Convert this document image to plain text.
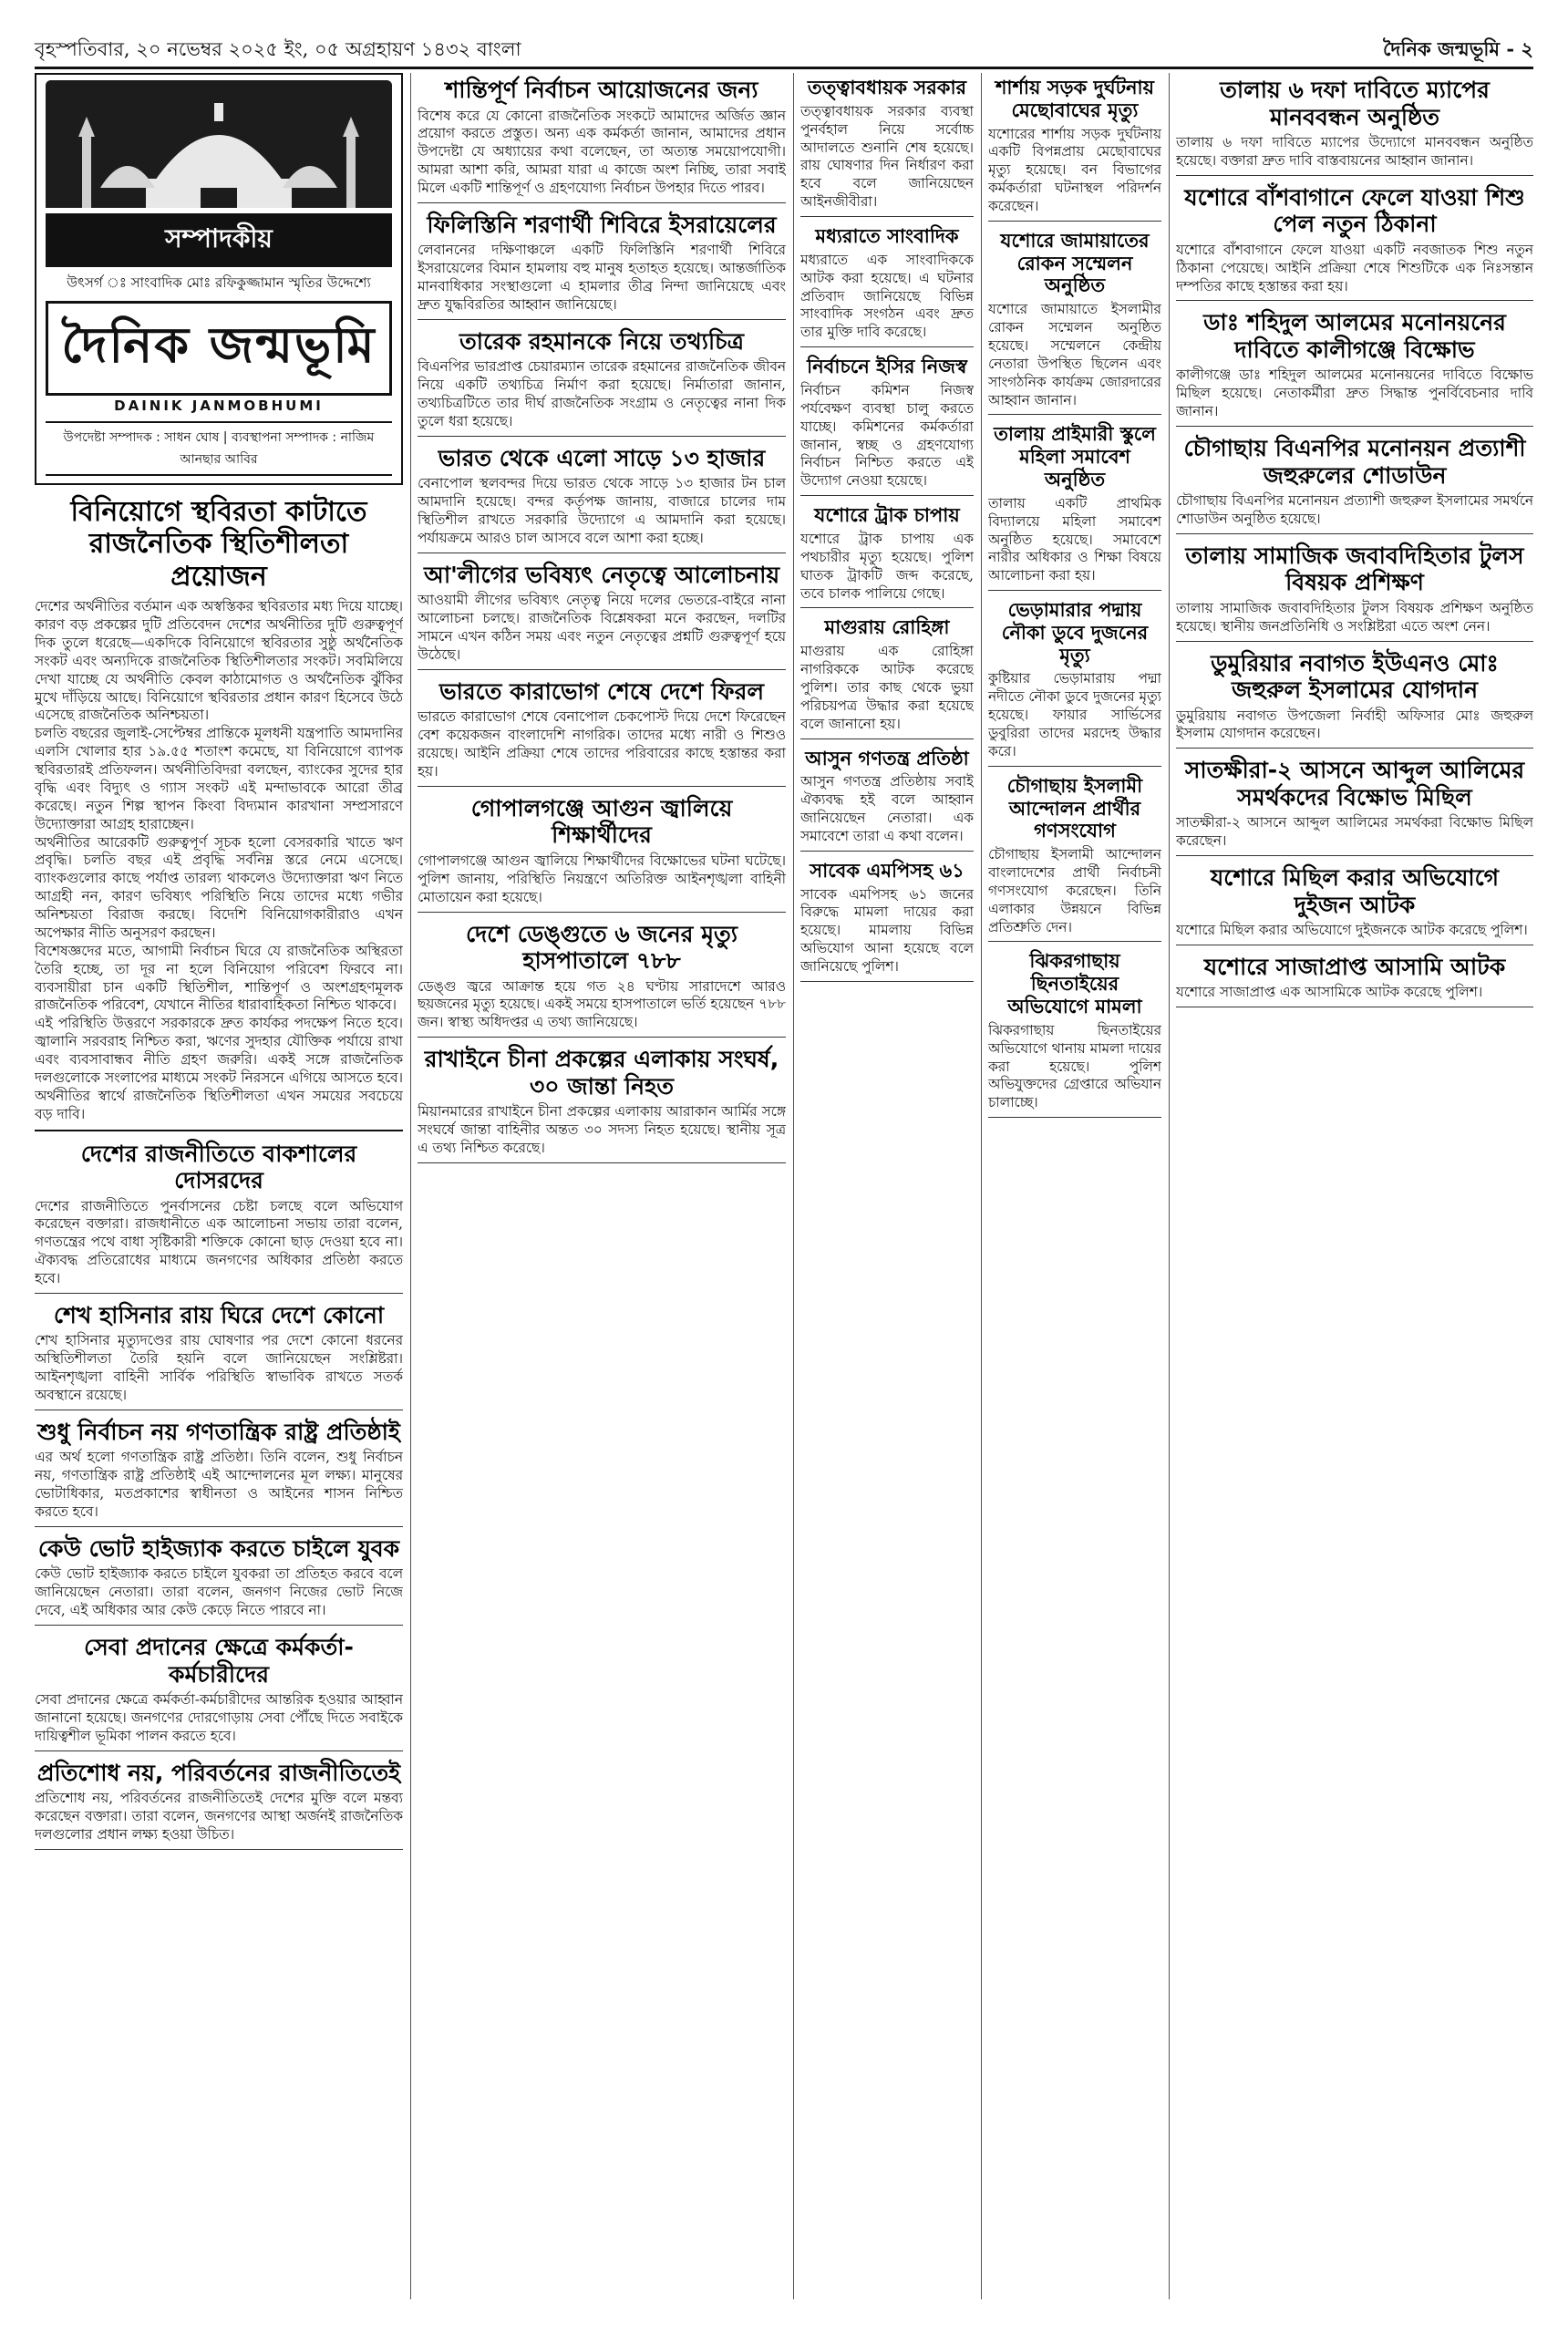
বৃহস্পতিবার, ২০ নভেম্বর ২০২৫ ইং, ০৫ অগ্রহায়ণ ১৪৩২ বাংলা	দৈনিক জন্মভূমি - ২
সম্পাদকীয়
উৎসর্গ ঃ সাংবাদিক মোঃ রফিকুজ্জামান স্মৃতির উদ্দেশ্যে
দৈনিক জন্মভূমি
DAINIK JANMOBHUMI
উপদেষ্টা সম্পাদক : সাধন ঘোষ | ব্যবস্থাপনা সম্পাদক : নাজিম আনছার আবির
বিনিয়োগে স্থবিরতা কাটাতে রাজনৈতিক স্থিতিশীলতা প্রয়োজন
দেশের অর্থনীতির বর্তমান এক অস্বস্তিকর স্থবিরতার মধ্য দিয়ে যাচ্ছে। কারণ বড় প্রকল্পের দুটি প্রতিবেদন দেশের অর্থনীতির দুটি গুরুত্বপূর্ণ দিক তুলে ধরেছে—একদিকে বিনিয়োগে স্থবিরতার সুষ্ঠু অর্থনৈতিক সংকট এবং অন্যদিকে রাজনৈতিক স্থিতিশীলতার সংকট। সবমিলিয়ে দেখা যাচ্ছে যে অর্থনীতি কেবল কাঠামোগত ও অর্থনৈতিক ঝুঁকির মুখে দাঁড়িয়ে আছে। বিনিয়োগে স্থবিরতার প্রধান কারণ হিসেবে উঠে এসেছে রাজনৈতিক অনিশ্চয়তা।
চলতি বছরের জুলাই-সেপ্টেম্বর প্রান্তিকে মূলধনী যন্ত্রপাতি আমদানির এলসি খোলার হার ১৯.৫৫ শতাংশ কমেছে, যা বিনিয়োগে ব্যাপক স্থবিরতারই প্রতিফলন। অর্থনীতিবিদরা বলছেন, ব্যাংকের সুদের হার বৃদ্ধি এবং বিদ্যুৎ ও গ্যাস সংকট এই মন্দাভাবকে আরো তীব্র করেছে। নতুন শিল্প স্থাপন কিংবা বিদ্যমান কারখানা সম্প্রসারণে উদ্যোক্তারা আগ্রহ হারাচ্ছেন।
অর্থনীতির আরেকটি গুরুত্বপূর্ণ সূচক হলো বেসরকারি খাতে ঋণ প্রবৃদ্ধি। চলতি বছর এই প্রবৃদ্ধি সর্বনিম্ন স্তরে নেমে এসেছে। ব্যাংকগুলোর কাছে পর্যাপ্ত তারল্য থাকলেও উদ্যোক্তারা ঋণ নিতে আগ্রহী নন, কারণ ভবিষ্যৎ পরিস্থিতি নিয়ে তাদের মধ্যে গভীর অনিশ্চয়তা বিরাজ করছে। বিদেশি বিনিয়োগকারীরাও এখন অপেক্ষার নীতি অনুসরণ করছেন।
বিশেষজ্ঞদের মতে, আগামী নির্বাচন ঘিরে যে রাজনৈতিক অস্থিরতা তৈরি হচ্ছে, তা দূর না হলে বিনিয়োগ পরিবেশ ফিরবে না। ব্যবসায়ীরা চান একটি স্থিতিশীল, শান্তিপূর্ণ ও অংশগ্রহণমূলক রাজনৈতিক পরিবেশ, যেখানে নীতির ধারাবাহিকতা নিশ্চিত থাকবে।
এই পরিস্থিতি উত্তরণে সরকারকে দ্রুত কার্যকর পদক্ষেপ নিতে হবে। জ্বালানি সরবরাহ নিশ্চিত করা, ঋণের সুদহার যৌক্তিক পর্যায়ে রাখা এবং ব্যবসাবান্ধব নীতি গ্রহণ জরুরি। একই সঙ্গে রাজনৈতিক দলগুলোকে সংলাপের মাধ্যমে সংকট নিরসনে এগিয়ে আসতে হবে। অর্থনীতির স্বার্থে রাজনৈতিক স্থিতিশীলতা এখন সময়ের সবচেয়ে বড় দাবি।
দেশের রাজনীতিতে বাকশালের দোসরদের
দেশের রাজনীতিতে পুনর্বাসনের চেষ্টা চলছে বলে অভিযোগ করেছেন বক্তারা। রাজধানীতে এক আলোচনা সভায় তারা বলেন, গণতন্ত্রের পথে বাধা সৃষ্টিকারী শক্তিকে কোনো ছাড় দেওয়া হবে না। ঐক্যবদ্ধ প্রতিরোধের মাধ্যমে জনগণের অধিকার প্রতিষ্ঠা করতে হবে।
শেখ হাসিনার রায় ঘিরে দেশে কোনো
শেখ হাসিনার মৃত্যুদণ্ডের রায় ঘোষণার পর দেশে কোনো ধরনের অস্থিতিশীলতা তৈরি হয়নি বলে জানিয়েছেন সংশ্লিষ্টরা। আইনশৃঙ্খলা বাহিনী সার্বিক পরিস্থিতি স্বাভাবিক রাখতে সতর্ক অবস্থানে রয়েছে।
শুধু নির্বাচন নয় গণতান্ত্রিক রাষ্ট্র প্রতিষ্ঠাই
এর অর্থ হলো গণতান্ত্রিক রাষ্ট্র প্রতিষ্ঠা। তিনি বলেন, শুধু নির্বাচন নয়, গণতান্ত্রিক রাষ্ট্র প্রতিষ্ঠাই এই আন্দোলনের মূল লক্ষ্য। মানুষের ভোটাধিকার, মতপ্রকাশের স্বাধীনতা ও আইনের শাসন নিশ্চিত করতে হবে।
কেউ ভোট হাইজ্যাক করতে চাইলে যুবক
কেউ ভোট হাইজ্যাক করতে চাইলে যুবকরা তা প্রতিহত করবে বলে জানিয়েছেন নেতারা। তারা বলেন, জনগণ নিজের ভোট নিজে দেবে, এই অধিকার আর কেউ কেড়ে নিতে পারবে না।
সেবা প্রদানের ক্ষেত্রে কর্মকর্তা-কর্মচারীদের
সেবা প্রদানের ক্ষেত্রে কর্মকর্তা-কর্মচারীদের আন্তরিক হওয়ার আহ্বান জানানো হয়েছে। জনগণের দোরগোড়ায় সেবা পৌঁছে দিতে সবাইকে দায়িত্বশীল ভূমিকা পালন করতে হবে।
প্রতিশোধ নয়, পরিবর্তনের রাজনীতিতেই
প্রতিশোধ নয়, পরিবর্তনের রাজনীতিতেই দেশের মুক্তি বলে মন্তব্য করেছেন বক্তারা। তারা বলেন, জনগণের আস্থা অর্জনই রাজনৈতিক দলগুলোর প্রধান লক্ষ্য হওয়া উচিত।
শান্তিপূর্ণ নির্বাচন আয়োজনের জন্য
বিশেষ করে যে কোনো রাজনৈতিক সংকটে আমাদের অর্জিত জ্ঞান প্রয়োগ করতে প্রস্তুত। অন্য এক কর্মকর্তা জানান, আমাদের প্রধান উপদেষ্টা যে অধ্যায়ের কথা বলেছেন, তা অত্যন্ত সময়োপযোগী। আমরা আশা করি, আমরা যারা এ কাজে অংশ নিচ্ছি, তারা সবাই মিলে একটি শান্তিপূর্ণ ও গ্রহণযোগ্য নির্বাচন উপহার দিতে পারব।
ফিলিস্তিনি শরণার্থী শিবিরে ইসরায়েলের
লেবাননের দক্ষিণাঞ্চলে একটি ফিলিস্তিনি শরণার্থী শিবিরে ইসরায়েলের বিমান হামলায় বহু মানুষ হতাহত হয়েছে। আন্তর্জাতিক মানবাধিকার সংস্থাগুলো এ হামলার তীব্র নিন্দা জানিয়েছে এবং দ্রুত যুদ্ধবিরতির আহ্বান জানিয়েছে।
তারেক রহমানকে নিয়ে তথ্যচিত্র
বিএনপির ভারপ্রাপ্ত চেয়ারম্যান তারেক রহমানের রাজনৈতিক জীবন নিয়ে একটি তথ্যচিত্র নির্মাণ করা হয়েছে। নির্মাতারা জানান, তথ্যচিত্রটিতে তার দীর্ঘ রাজনৈতিক সংগ্রাম ও নেতৃত্বের নানা দিক তুলে ধরা হয়েছে।
ভারত থেকে এলো সাড়ে ১৩ হাজার
বেনাপোল স্থলবন্দর দিয়ে ভারত থেকে সাড়ে ১৩ হাজার টন চাল আমদানি হয়েছে। বন্দর কর্তৃপক্ষ জানায়, বাজারে চালের দাম স্থিতিশীল রাখতে সরকারি উদ্যোগে এ আমদানি করা হয়েছে। পর্যায়ক্রমে আরও চাল আসবে বলে আশা করা হচ্ছে।
আ'লীগের ভবিষ্যৎ নেতৃত্বে আলোচনায়
আওয়ামী লীগের ভবিষ্যৎ নেতৃত্ব নিয়ে দলের ভেতরে-বাইরে নানা আলোচনা চলছে। রাজনৈতিক বিশ্লেষকরা মনে করছেন, দলটির সামনে এখন কঠিন সময় এবং নতুন নেতৃত্বের প্রশ্নটি গুরুত্বপূর্ণ হয়ে উঠেছে।
ভারতে কারাভোগ শেষে দেশে ফিরল
ভারতে কারাভোগ শেষে বেনাপোল চেকপোস্ট দিয়ে দেশে ফিরেছেন বেশ কয়েকজন বাংলাদেশি নাগরিক। তাদের মধ্যে নারী ও শিশুও রয়েছে। আইনি প্রক্রিয়া শেষে তাদের পরিবারের কাছে হস্তান্তর করা হয়।
গোপালগঞ্জে আগুন জ্বালিয়ে শিক্ষার্থীদের
গোপালগঞ্জে আগুন জ্বালিয়ে শিক্ষার্থীদের বিক্ষোভের ঘটনা ঘটেছে। পুলিশ জানায়, পরিস্থিতি নিয়ন্ত্রণে অতিরিক্ত আইনশৃঙ্খলা বাহিনী মোতায়েন করা হয়েছে।
দেশে ডেঙ্গুতে ৬ জনের মৃত্যু হাসপাতালে ৭৮৮
ডেঙ্গু জ্বরে আক্রান্ত হয়ে গত ২৪ ঘণ্টায় সারাদেশে আরও ছয়জনের মৃত্যু হয়েছে। একই সময়ে হাসপাতালে ভর্তি হয়েছেন ৭৮৮ জন। স্বাস্থ্য অধিদপ্তর এ তথ্য জানিয়েছে।
রাখাইনে চীনা প্রকল্পের এলাকায় সংঘর্ষ, ৩০ জান্তা নিহত
মিয়ানমারের রাখাইনে চীনা প্রকল্পের এলাকায় আরাকান আর্মির সঙ্গে সংঘর্ষে জান্তা বাহিনীর অন্তত ৩০ সদস্য নিহত হয়েছে। স্থানীয় সূত্র এ তথ্য নিশ্চিত করেছে।
তত্ত্বাবধায়ক সরকার
তত্ত্বাবধায়ক সরকার ব্যবস্থা পুনর্বহাল নিয়ে সর্বোচ্চ আদালতে শুনানি শেষ হয়েছে। রায় ঘোষণার দিন নির্ধারণ করা হবে বলে জানিয়েছেন আইনজীবীরা।
মধ্যরাতে সাংবাদিক
মধ্যরাতে এক সাংবাদিককে আটক করা হয়েছে। এ ঘটনার প্রতিবাদ জানিয়েছে বিভিন্ন সাংবাদিক সংগঠন এবং দ্রুত তার মুক্তি দাবি করেছে।
নির্বাচনে ইসির নিজস্ব
নির্বাচন কমিশন নিজস্ব পর্যবেক্ষণ ব্যবস্থা চালু করতে যাচ্ছে। কমিশনের কর্মকর্তারা জানান, স্বচ্ছ ও গ্রহণযোগ্য নির্বাচন নিশ্চিত করতে এই উদ্যোগ নেওয়া হয়েছে।
যশোরে ট্রাক চাপায়
যশোরে ট্রাক চাপায় এক পথচারীর মৃত্যু হয়েছে। পুলিশ ঘাতক ট্রাকটি জব্দ করেছে, তবে চালক পালিয়ে গেছে।
মাগুরায় রোহিঙ্গা
মাগুরায় এক রোহিঙ্গা নাগরিককে আটক করেছে পুলিশ। তার কাছ থেকে ভুয়া পরিচয়পত্র উদ্ধার করা হয়েছে বলে জানানো হয়।
আসুন গণতন্ত্র প্রতিষ্ঠা
আসুন গণতন্ত্র প্রতিষ্ঠায় সবাই ঐক্যবদ্ধ হই বলে আহ্বান জানিয়েছেন নেতারা। এক সমাবেশে তারা এ কথা বলেন।
সাবেক এমপিসহ ৬১
সাবেক এমপিসহ ৬১ জনের বিরুদ্ধে মামলা দায়ের করা হয়েছে। মামলায় বিভিন্ন অভিযোগ আনা হয়েছে বলে জানিয়েছে পুলিশ।
শার্শায় সড়ক দুর্ঘটনায় মেছোবাঘের মৃত্যু
যশোরের শার্শায় সড়ক দুর্ঘটনায় একটি বিপন্নপ্রায় মেছোবাঘের মৃত্যু হয়েছে। বন বিভাগের কর্মকর্তারা ঘটনাস্থল পরিদর্শন করেছেন।
যশোরে জামায়াতের রোকন সম্মেলন অনুষ্ঠিত
যশোরে জামায়াতে ইসলামীর রোকন সম্মেলন অনুষ্ঠিত হয়েছে। সম্মেলনে কেন্দ্রীয় নেতারা উপস্থিত ছিলেন এবং সাংগঠনিক কার্যক্রম জোরদারের আহ্বান জানান।
তালায় প্রাইমারী স্কুলে মহিলা সমাবেশ অনুষ্ঠিত
তালায় একটি প্রাথমিক বিদ্যালয়ে মহিলা সমাবেশ অনুষ্ঠিত হয়েছে। সমাবেশে নারীর অধিকার ও শিক্ষা বিষয়ে আলোচনা করা হয়।
ভেড়ামারার পদ্মায় নৌকা ডুবে দুজনের মৃত্যু
কুষ্টিয়ার ভেড়ামারায় পদ্মা নদীতে নৌকা ডুবে দুজনের মৃত্যু হয়েছে। ফায়ার সার্ভিসের ডুবুরিরা তাদের মরদেহ উদ্ধার করে।
চৌগাছায় ইসলামী আন্দোলন প্রার্থীর গণসংযোগ
চৌগাছায় ইসলামী আন্দোলন বাংলাদেশের প্রার্থী নির্বাচনী গণসংযোগ করেছেন। তিনি এলাকার উন্নয়নে বিভিন্ন প্রতিশ্রুতি দেন।
ঝিকরগাছায় ছিনতাইয়ের অভিযোগে মামলা
ঝিকরগাছায় ছিনতাইয়ের অভিযোগে থানায় মামলা দায়ের করা হয়েছে। পুলিশ অভিযুক্তদের গ্রেপ্তারে অভিযান চালাচ্ছে।
তালায় ৬ দফা দাবিতে ম্যাপের মানববন্ধন অনুষ্ঠিত
তালায় ৬ দফা দাবিতে ম্যাপের উদ্যোগে মানববন্ধন অনুষ্ঠিত হয়েছে। বক্তারা দ্রুত দাবি বাস্তবায়নের আহ্বান জানান।
যশোরে বাঁশবাগানে ফেলে যাওয়া শিশু পেল নতুন ঠিকানা
যশোরে বাঁশবাগানে ফেলে যাওয়া একটি নবজাতক শিশু নতুন ঠিকানা পেয়েছে। আইনি প্রক্রিয়া শেষে শিশুটিকে এক নিঃসন্তান দম্পতির কাছে হস্তান্তর করা হয়।
ডাঃ শহিদুল আলমের মনোনয়নের দাবিতে কালীগঞ্জে বিক্ষোভ
কালীগঞ্জে ডাঃ শহিদুল আলমের মনোনয়নের দাবিতে বিক্ষোভ মিছিল হয়েছে। নেতাকর্মীরা দ্রুত সিদ্ধান্ত পুনর্বিবেচনার দাবি জানান।
চৌগাছায় বিএনপির মনোনয়ন প্রত্যাশী জহুরুলের শোডাউন
চৌগাছায় বিএনপির মনোনয়ন প্রত্যাশী জহুরুল ইসলামের সমর্থনে শোডাউন অনুষ্ঠিত হয়েছে।
তালায় সামাজিক জবাবদিহিতার টুলস বিষয়ক প্রশিক্ষণ
তালায় সামাজিক জবাবদিহিতার টুলস বিষয়ক প্রশিক্ষণ অনুষ্ঠিত হয়েছে। স্থানীয় জনপ্রতিনিধি ও সংশ্লিষ্টরা এতে অংশ নেন।
ডুমুরিয়ার নবাগত ইউএনও মোঃ জহুরুল ইসলামের যোগদান
ডুমুরিয়ায় নবাগত উপজেলা নির্বাহী অফিসার মোঃ জহুরুল ইসলাম যোগদান করেছেন।
সাতক্ষীরা-২ আসনে আব্দুল আলিমের সমর্থকদের বিক্ষোভ মিছিল
সাতক্ষীরা-২ আসনে আব্দুল আলিমের সমর্থকরা বিক্ষোভ মিছিল করেছেন।
যশোরে মিছিল করার অভিযোগে দুইজন আটক
যশোরে মিছিল করার অভিযোগে দুইজনকে আটক করেছে পুলিশ।
যশোরে সাজাপ্রাপ্ত আসামি আটক
যশোরে সাজাপ্রাপ্ত এক আসামিকে আটক করেছে পুলিশ।
